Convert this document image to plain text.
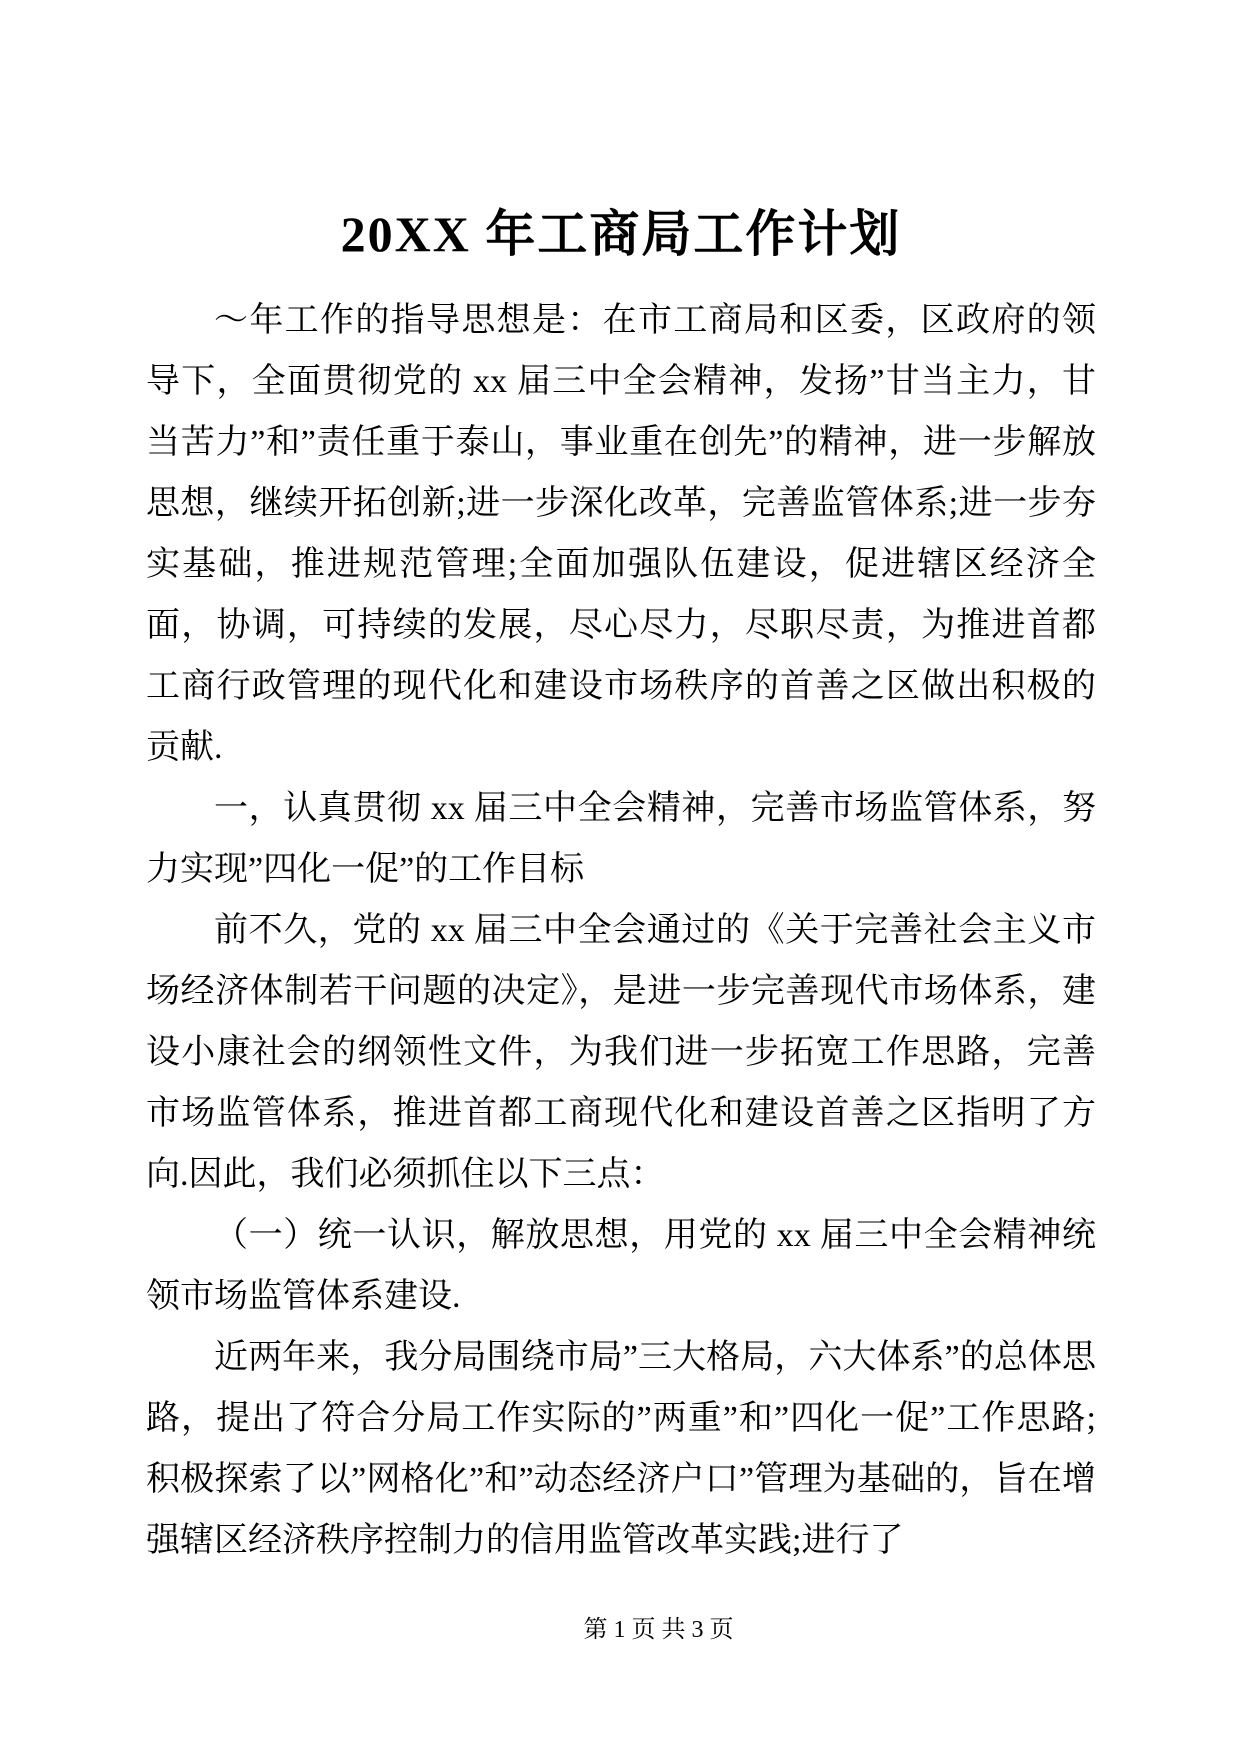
20XX 年工商局工作计划

～年工作的指导思想是：在市工商局和区委，区政府的领导下，全面贯彻党的 xx 届三中全会精神，发扬”甘当主力，甘当苦力”和”责任重于泰山，事业重在创先”的精神，进一步解放思想，继续开拓创新;进一步深化改革，完善监管体系;进一步夯实基础，推进规范管理;全面加强队伍建设，促进辖区经济全面，协调，可持续的发展，尽心尽力，尽职尽责，为推进首都工商行政管理的现代化和建设市场秩序的首善之区做出积极的贡献.

一，认真贯彻 xx 届三中全会精神，完善市场监管体系，努力实现”四化一促”的工作目标

前不久，党的 xx 届三中全会通过的《关于完善社会主义市场经济体制若干问题的决定》，是进一步完善现代市场体系，建设小康社会的纲领性文件，为我们进一步拓宽工作思路，完善市场监管体系，推进首都工商现代化和建设首善之区指明了方向.因此，我们必须抓住以下三点：

（一）统一认识，解放思想，用党的 xx 届三中全会精神统领市场监管体系建设.

近两年来，我分局围绕市局”三大格局，六大体系”的总体思路，提出了符合分局工作实际的”两重”和”四化一促”工作思路;积极探索了以”网格化”和”动态经济户口”管理为基础的，旨在增强辖区经济秩序控制力的信用监管改革实践;进行了

第 1 页 共 3 页
